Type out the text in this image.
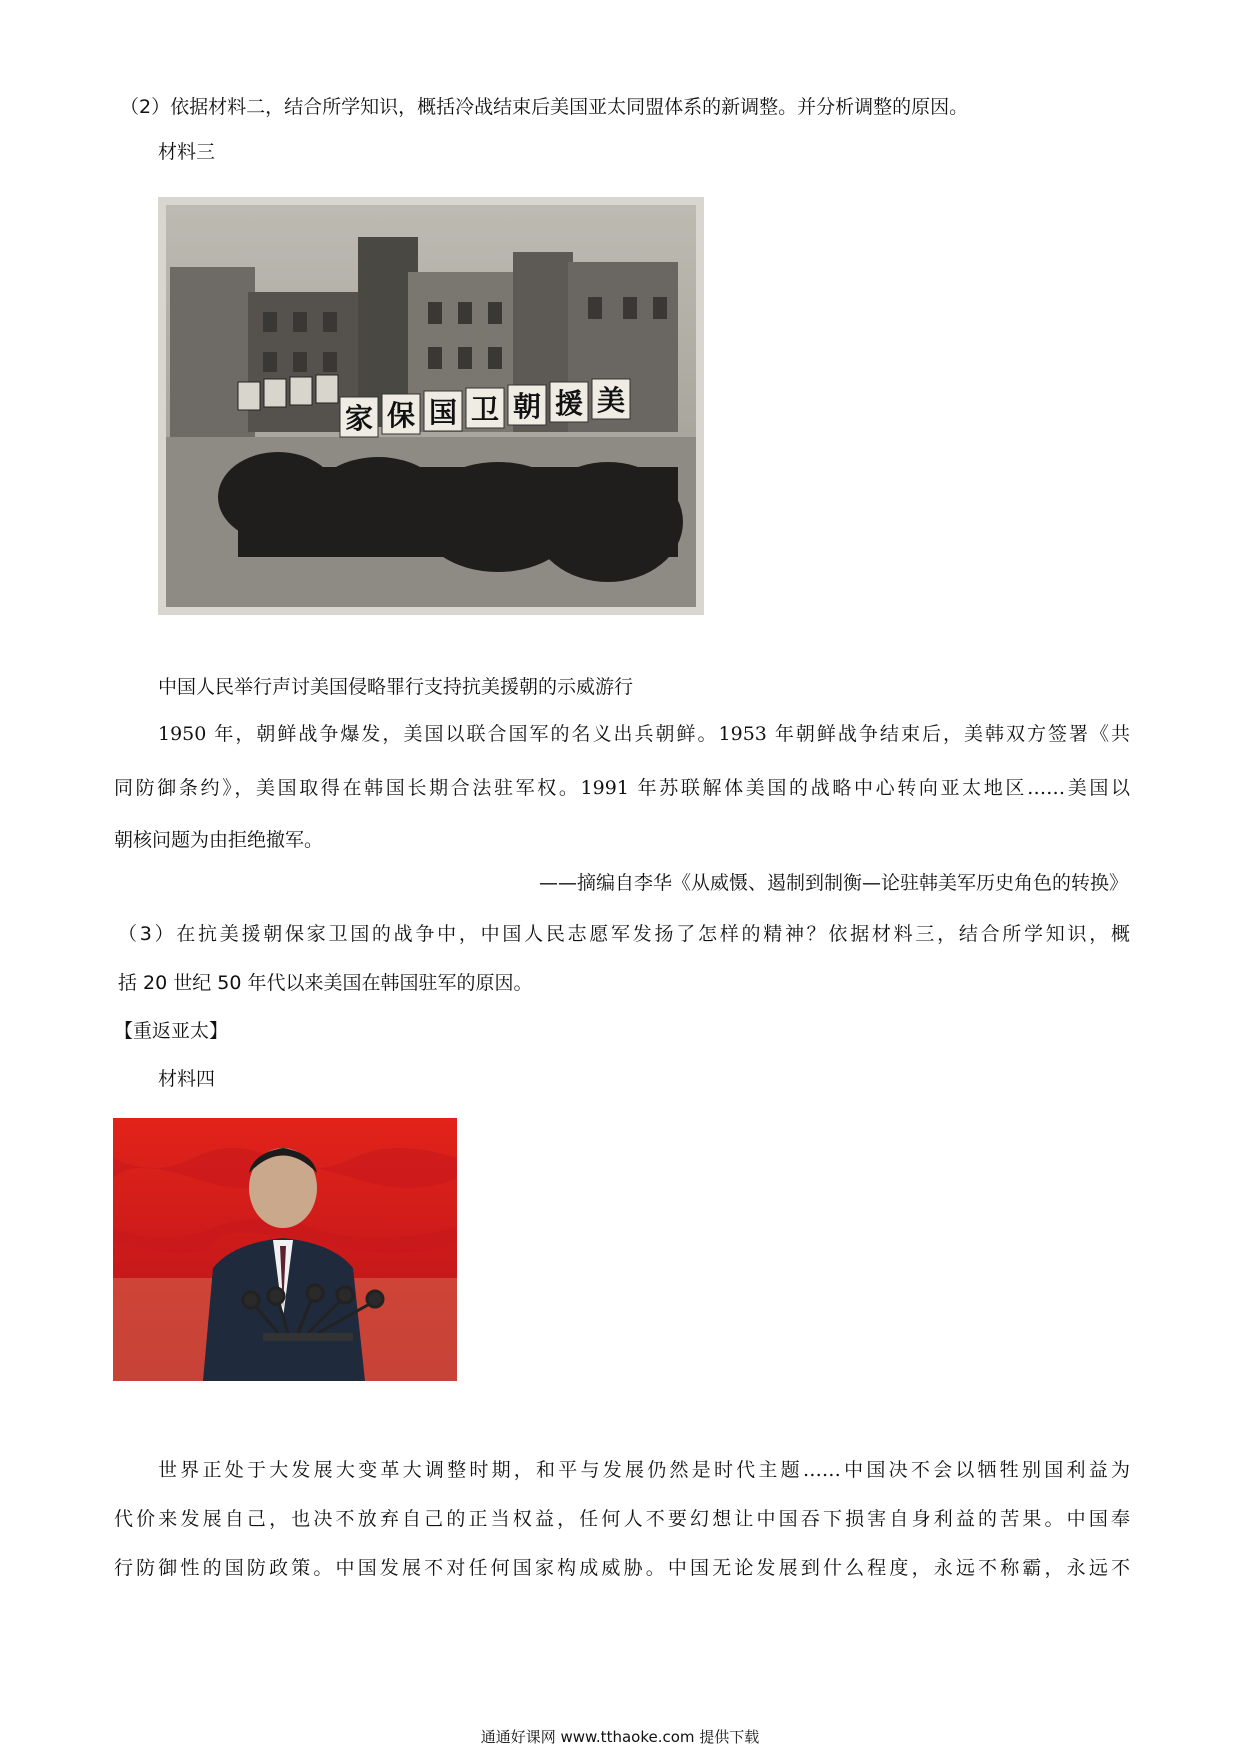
（2）依据材料二，结合所学知识，概括冷战结束后美国亚太同盟体系的新调整。并分析调整的原因。
材料三
家 保 国 卫 朝 援 美
中国人民举行声讨美国侵略罪行支持抗美援朝的示威游行
1950 年，朝鲜战争爆发，美国以联合国军的名义出兵朝鲜。1953 年朝鲜战争结束后，美韩双方签署《共
同防御条约》，美国取得在韩国长期合法驻军权。1991 年苏联解体美国的战略中心转向亚太地区……美国以
朝核问题为由拒绝撤军。
——摘编自李华《从威慑、遏制到制衡—论驻韩美军历史角色的转换》
（3）在抗美援朝保家卫国的战争中，中国人民志愿军发扬了怎样的精神？依据材料三，结合所学知识，概
括 20 世纪 50 年代以来美国在韩国驻军的原因。
【重返亚太】
材料四
世界正处于大发展大变革大调整时期，和平与发展仍然是时代主题……中国决不会以牺牲别国利益为
代价来发展自己，也决不放弃自己的正当权益，任何人不要幻想让中国吞下损害自身利益的苦果。中国奉
行防御性的国防政策。中国发展不对任何国家构成威胁。中国无论发展到什么程度，永远不称霸，永远不
通通好课网 www.tthaoke.com 提供下载
